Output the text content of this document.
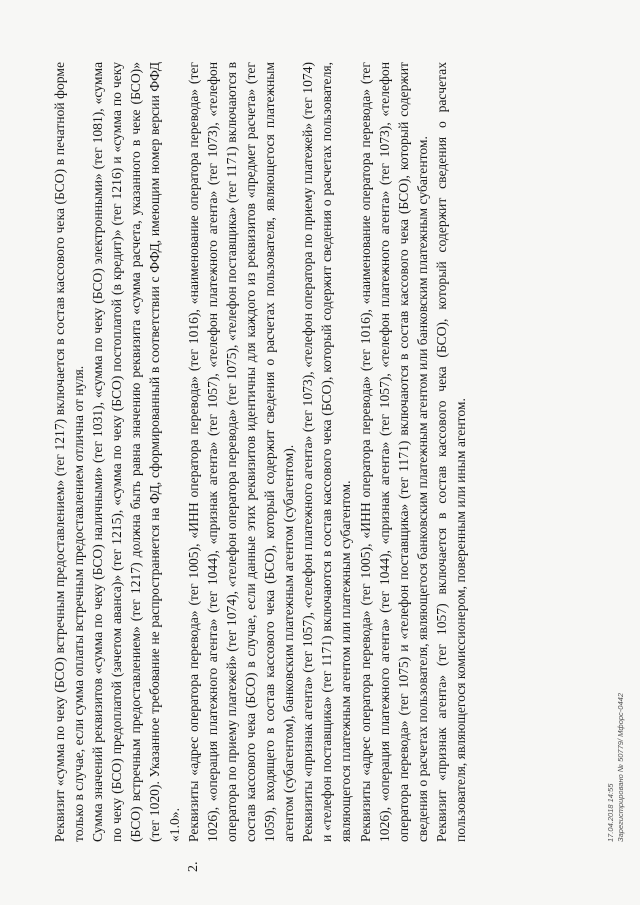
Реквизит «сумма по чеку (БСО) встречным предоставлением» (тег 1217) включается в состав кассового чека (БСО) в печатной форме только в случае, если сумма оплаты встречным предоставлением отлична от нуля. Сумма значений реквизитов «сумма по чеку (БСО) наличными» (тег 1031), «сумма по чеку (БСО) электронными» (тег 1081), «сумма по чеку (БСО) предоплатой (зачетом аванса)» (тег 1215), «сумма по чеку (БСО) постоплатой (в кредит)» (тег 1216) и «сумма по чеку (БСО) встречным предоставлением» (тег 1217) должна быть равна значению реквизита «сумма расчета, указанного в чеке (БСО)» (тег 1020). Указанное требование не распространяется на ФД, сформированный в соответствии с ФФД, имеющим номер версии ФФД «1.0».

2.

Реквизиты «адрес оператора перевода» (тег 1005), «ИНН оператора перевода» (тег 1016), «наименование оператора перевода» (тег 1026), «операция платежного агента» (тег 1044), «признак агента» (тег 1057), «телефон платежного агента» (тег 1073), «телефон оператора по приему платежей» (тег 1074), «телефон оператора перевода» (тег 1075), «телефон поставщика» (тег 1171) включаются в состав кассового чека (БСО) в случае, если данные этих реквизитов идентичны для каждого из реквизитов «предмет расчета» (тег 1059), входящего в состав кассового чека (БСО), который содержит сведения о расчетах пользователя, являющегося платежным агентом (субагентом), банковским платежным агентом (субагентом). Реквизиты «признак агента» (тег 1057), «телефон платежного агента» (тег 1073), «телефон оператора по приему платежей» (тег 1074) и «телефон поставщика» (тег 1171) включаются в состав кассового чека (БСО), который содержит сведения о расчетах пользователя, являющегося платежным агентом или платежным субагентом. Реквизиты «адрес оператора перевода» (тег 1005), «ИНН оператора перевода» (тег 1016), «наименование оператора перевода» (тег 1026), «операция платежного агента» (тег 1044), «признак агента» (тег 1057), «телефон платежного агента» (тег 1073), «телефон оператора перевода» (тег 1075) и «телефон поставщика» (тег 1171) включаются в состав кассового чека (БСО), который содержит сведения о расчетах пользователя, являющегося банковским платежным агентом или банковским платежным субагентом. Реквизит «признак агента» (тег 1057) включается в состав кассового чека (БСО), который содержит сведения о расчетах пользователя, являющегося комиссионером, поверенным или иным агентом.	17.04.2018 14:55 Зарегистрировано № 50779/ Мфорс-0442
